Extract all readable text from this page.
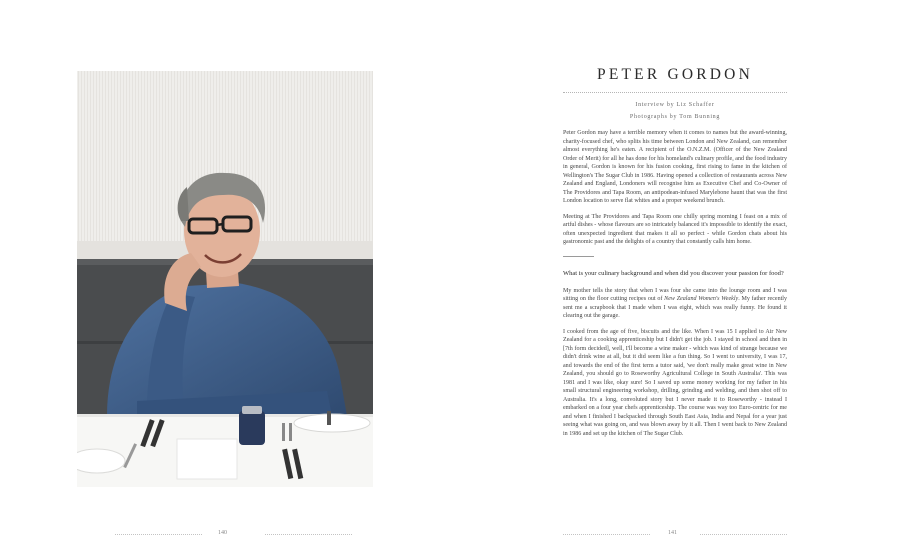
PETER GORDON
Interview by Liz Schaffer
Photographs by Tom Bunning

Peter Gordon may have a terrible memory when it comes to names but the award-winning, charity-focused chef, who splits his time between London and New Zealand, can remember almost everything he's eaten. A recipient of the O.N.Z.M. (Officer of the New Zealand Order of Merit) for all he has done for his homeland's culinary profile, and the food industry in general, Gordon is known for his fusion cooking, first rising to fame in the kitchen of Wellington's The Sugar Club in 1986. Having opened a collection of restaurants across New Zealand and England, Londoners will recognise him as Executive Chef and Co-Owner of The Providores and Tapa Room, an antipodean-infused Marylebone haunt that was the first London location to serve flat whites and a proper weekend brunch.

Meeting at The Providores and Tapa Room one chilly spring morning I feast on a mix of artful dishes - whose flavours are so intricately balanced it's impossible to identify the exact, often unexpected ingredient that makes it all so perfect - while Gordon chats about his gastronomic past and the delights of a country that constantly calls him home.

What is your culinary background and when did you discover your passion for food?

My mother tells the story that when I was four she came into the lounge room and I was sitting on the floor cutting recipes out of New Zealand Women's Weekly. My father recently sent me a scrapbook that I made when I was eight, which was really funny. He found it clearing out the garage.

I cooked from the age of five, biscuits and the like. When I was 15 I applied to Air New Zealand for a cooking apprenticeship but I didn't get the job. I stayed in school and then in [7th form decided], well, I'll become a wine maker - which was kind of strange because we didn't drink wine at all, but it did seem like a fun thing. So I went to university, I was 17, and towards the end of the first term a tutor said, 'we don't really make great wine in New Zealand, you should go to Roseworthy Agricultural College in South Australia'. This was 1981 and I was like, okay sure! So I saved up some money working for my father in his small structural engineering workshop, drilling, grinding and welding, and then shot off to Australia. It's a long, convoluted story but I never made it to Roseworthy - instead I embarked on a four year chefs apprenticeship. The course was way too Euro-centric for me and when I finished I backpacked through South East Asia, India and Nepal for a year just seeing what was going on, and was blown away by it all. Then I went back to New Zealand in 1986 and set up the kitchen of The Sugar Club.

140	141
